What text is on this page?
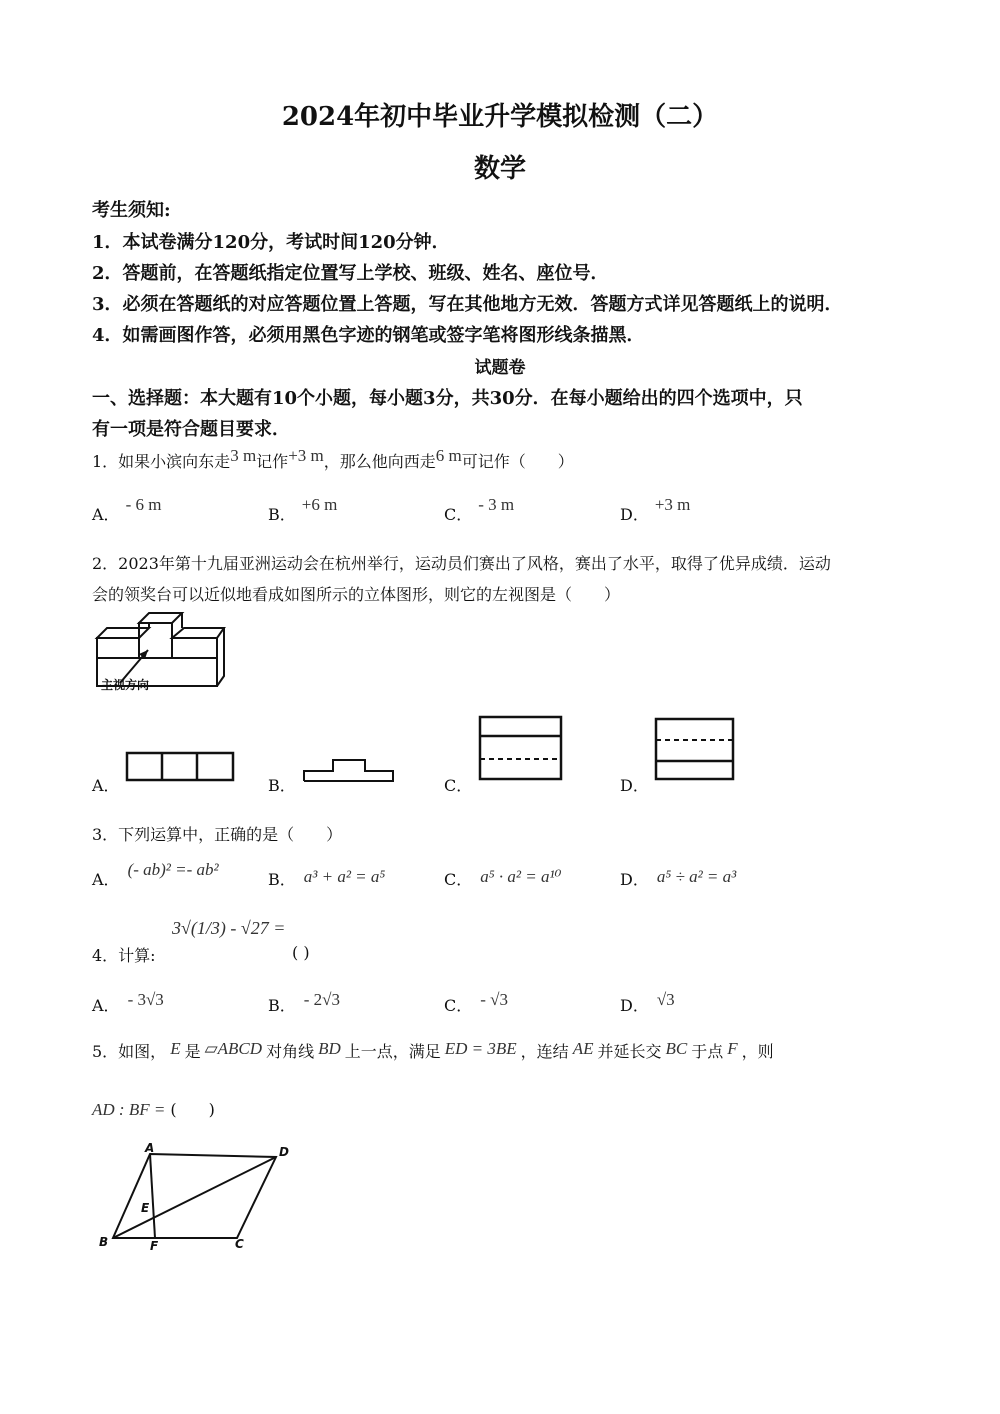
2024年初中毕业升学模拟检测（二）
数学
考生须知:
1．本试卷满分120分，考试时间120分钟．
2．答题前，在答题纸指定位置写上学校、班级、姓名、座位号．
3．必须在答题纸的对应答题位置上答题，写在其他地方无效．答题方式详见答题纸上的说明．
4．如需画图作答，必须用黑色字迹的钢笔或签字笔将图形线条描黑．
试题卷
一、选择题：本大题有10个小题，每小题3分，共30分．在每小题给出的四个选项中，只
有一项是符合题目要求．
1．如果小滨向东走3 m记作+3 m，那么他向西走6 m可记作（　　）
A．- 6 m
B．+6 m
C．- 3 m
D．+3 m
2．2023年第十九届亚洲运动会在杭州举行，运动员们赛出了风格，赛出了水平，取得了优异成绩．运动
会的领奖台可以近似地看成如图所示的立体图形，则它的左视图是（　　）
主视方向
A．	B．	C．	D．
3．下列运算中，正确的是（　　）
A．(- ab)² =- ab²
B． a³ + a² = a⁵	C． a⁵ · a² = a¹⁰	D． a⁵ ÷ a² = a³
4．计算:
3√(1/3) - √27 =
( )
A． - 3√3	B． - 2√3	C． - √3	D． √3
5．如图， E 是 ▱ABCD 对角线 BD 上一点，满足 ED = 3BE ，连结 AE 并延长交 BC 于点 F ，则
AD : BF = (　　)
A	D
B	C
E
F
